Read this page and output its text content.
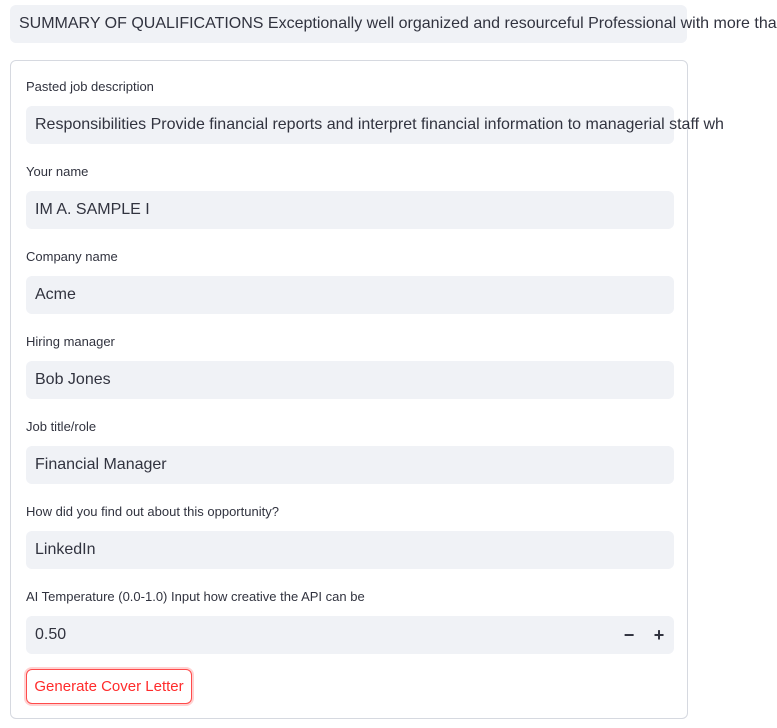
SUMMARY OF QUALIFICATIONS Exceptionally well organized and resourceful Professional with more tha
Pasted job description
Responsibilities Provide financial reports and interpret financial information to managerial staff wh
Your name
IM A. SAMPLE I
Company name
Acme
Hiring manager
Bob Jones
Job title/role
Financial Manager
How did you find out about this opportunity?
LinkedIn
AI Temperature (0.0-1.0) Input how creative the API can be
0.50	−	+
Generate Cover Letter
